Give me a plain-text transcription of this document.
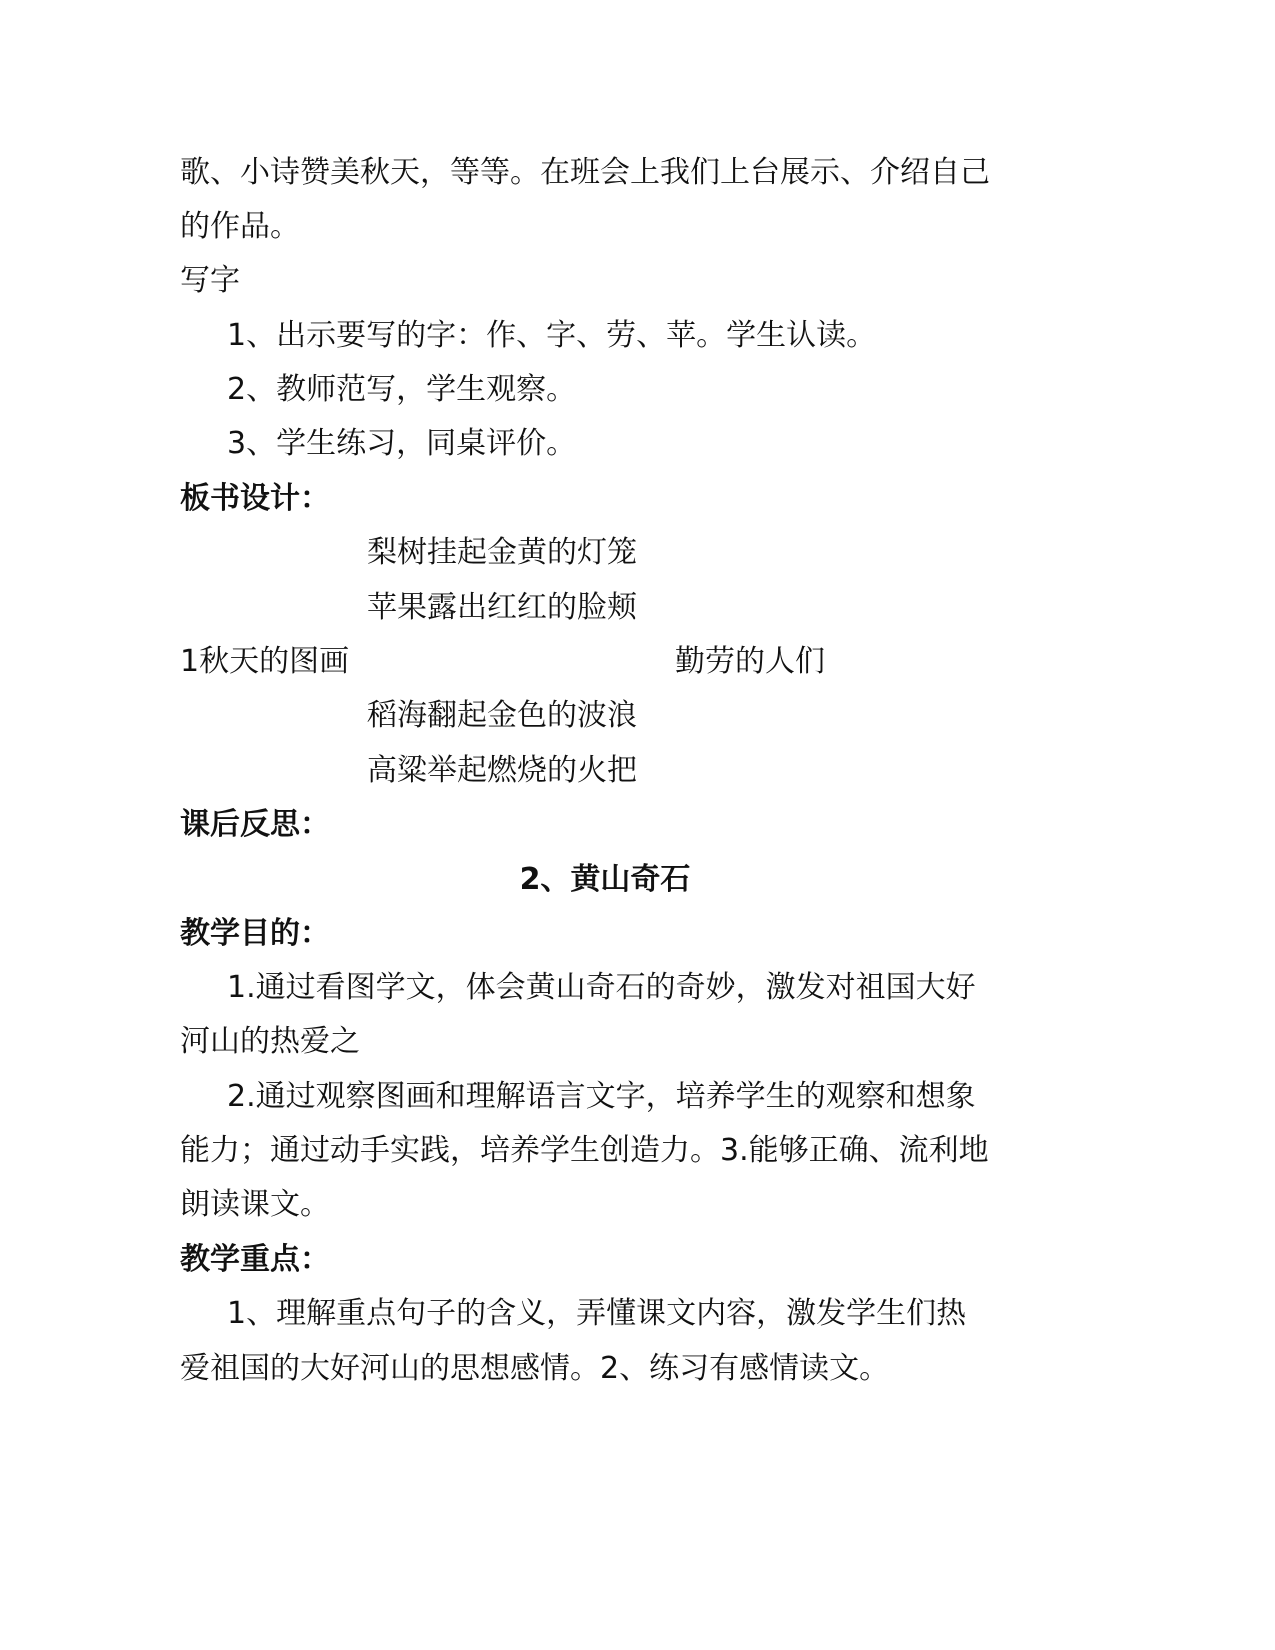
歌、小诗赞美秋天，等等。在班会上我们上台展示、介绍自己
的作品。
写字
1、出示要写的字：作、字、劳、苹。学生认读。
2、教师范写，学生观察。
3、学生练习，同桌评价。
板书设计：
梨树挂起金黄的灯笼
苹果露出红红的脸颊
1秋天的图画	勤劳的人们
稻海翻起金色的波浪
高粱举起燃烧的火把
课后反思：
2、黄山奇石
教学目的：
1.通过看图学文，体会黄山奇石的奇妙，激发对祖国大好
河山的热爱之
2.通过观察图画和理解语言文字，培养学生的观察和想象
能力；通过动手实践，培养学生创造力。3.能够正确、流利地
朗读课文。
教学重点：
1、理解重点句子的含义，弄懂课文内容，激发学生们热
爱祖国的大好河山的思想感情。2、练习有感情读文。
